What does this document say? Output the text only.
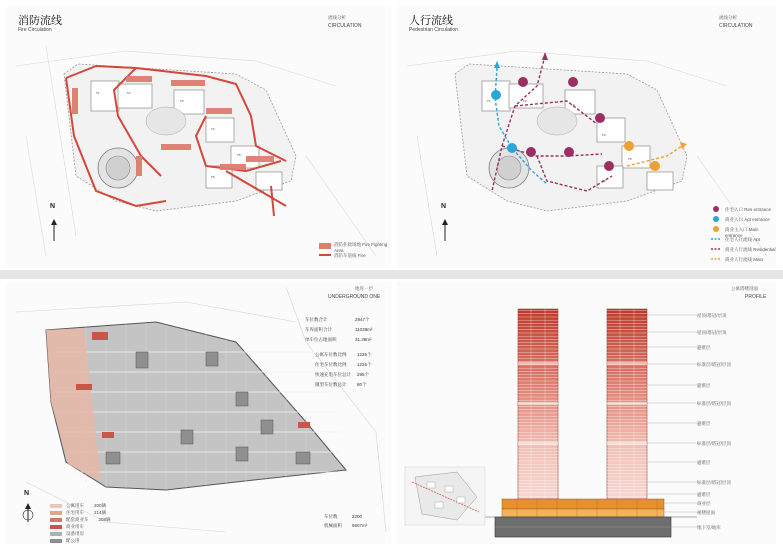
消防流线
Fire Circulation
流线分析
CIRCULATION
T1	T2
T3
T4
T5
T6
N
消防扑救场地 Fire Fighting Area
消防车道线 Fire
人行流线
Pedestrian Circulation
流线分析
CIRCULATION
T1	T2
T3
T4
T5
T6
N	住宅入口 Res entrance
商业入口 Apt entrance
商业主入口 Main entrance
住宅人行流线 Apt
商业人行流线 Residential
商业人行流线 Main
地库一层
UNDERGROUND ONE
N
车位数合计	2947个
车库面积合计	11038m²
单车位占地面积	31.38m²
公寓车位数比例 1226个
住宅车位数比例 1226个
快速充电车位总计 295个
微型车位数总计 80个
公寓用车 200辆
住宅用车 214辆
配套商业车 208辆
商业用车
设备用房
配公用
车位数	2200
机械面积 6607m²
公寓塔楼剖面
PROFILE
屋顶/塔冠/层顶
屋顶/塔冠/层顶
避难层
标准层/塔冠/层顶
避难层
标准层/塔冠/层顶
避难层
标准层/塔冠/层顶
避难层
标准层/塔冠/层顶
避难层
商业层
裙楼屋面
地下室/地库
